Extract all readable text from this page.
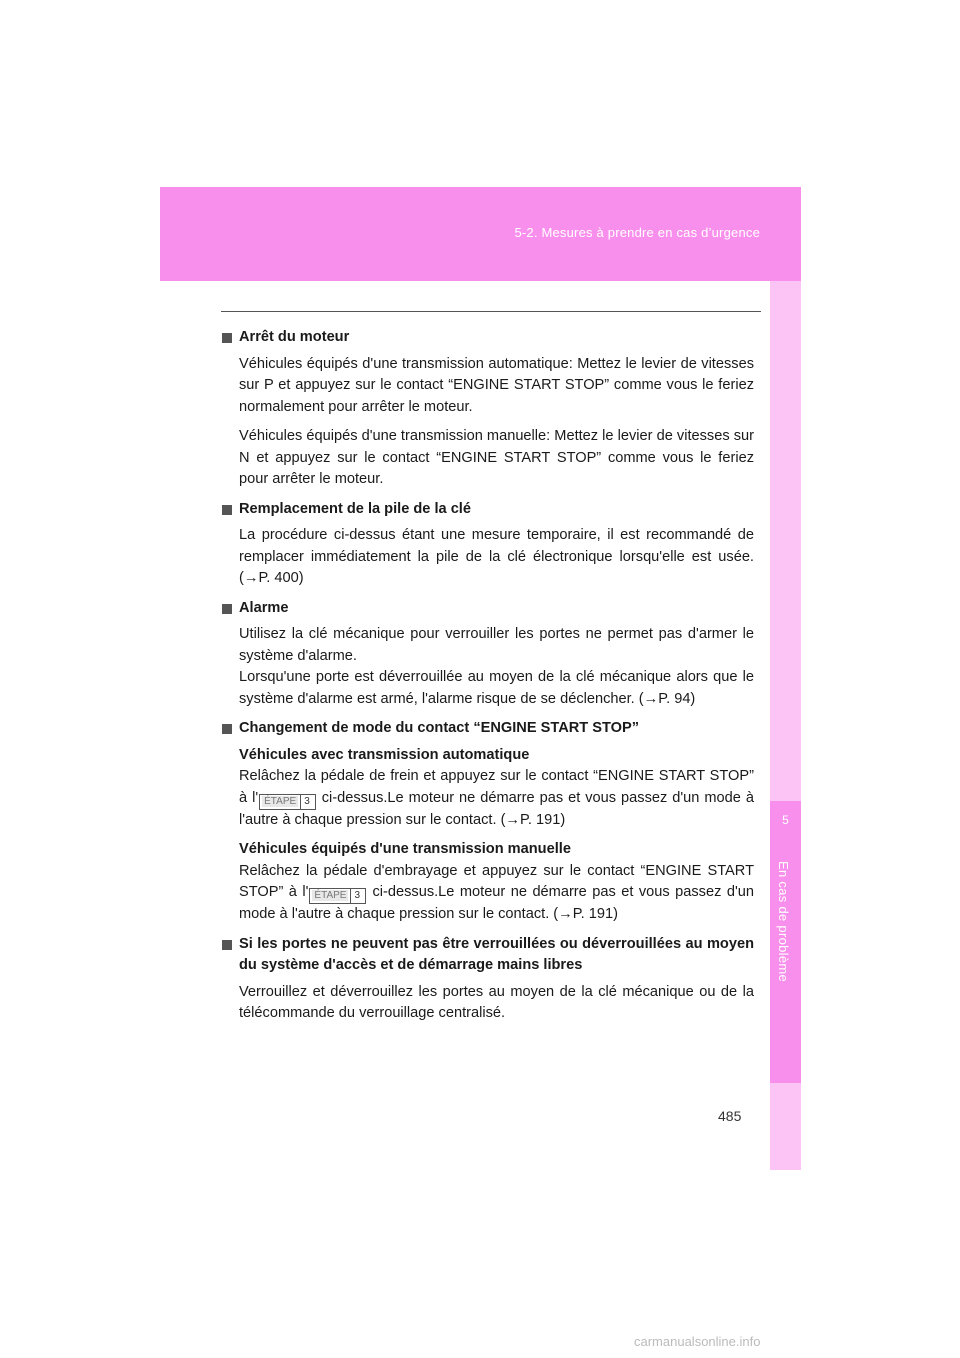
5-2. Mesures à prendre en cas d’urgence
5
En cas de problème
Arrêt du moteur

Véhicules équipés d'une transmission automatique: Mettez le levier de vitesses sur P et appuyez sur le contact “ENGINE START STOP” comme vous le feriez normalement pour arrêter le moteur.

Véhicules équipés d'une transmission manuelle: Mettez le levier de vitesses sur N et appuyez sur le contact “ENGINE START STOP” comme vous le feriez pour arrêter le moteur.

Remplacement de la pile de la clé

La procédure ci-dessus étant une mesure temporaire, il est recommandé de remplacer immédiatement la pile de la clé électronique lorsqu'elle est usée. (→P. 400)

Alarme

Utilisez la clé mécanique pour verrouiller les portes ne permet pas d'armer le système d'alarme.

Lorsqu'une porte est déverrouillée au moyen de la clé mécanique alors que le système d'alarme est armé, l'alarme risque de se déclencher. (→P. 94)

Changement de mode du contact “ENGINE START STOP”
Véhicules avec transmission automatique

Relâchez la pédale de frein et appuyez sur le contact “ENGINE START STOP” à l' ÉTAPE 3 ci-dessus.Le moteur ne démarre pas et vous passez d'un mode à l'autre à chaque pression sur le contact. (→P. 191)

Véhicules équipés d'une transmission manuelle

Relâchez la pédale d'embrayage et appuyez sur le contact “ENGINE START STOP” à l' ÉTAPE 3 ci-dessus.Le moteur ne démarre pas et vous passez d'un mode à l'autre à chaque pression sur le contact. (→P. 191)

Si les portes ne peuvent pas être verrouillées ou déverrouillées au moyen du système d'accès et de démarrage mains libres

Verrouillez et déverrouillez les portes au moyen de la clé mécanique ou de la télécommande du verrouillage centralisé.

485
carmanualsonline.info
